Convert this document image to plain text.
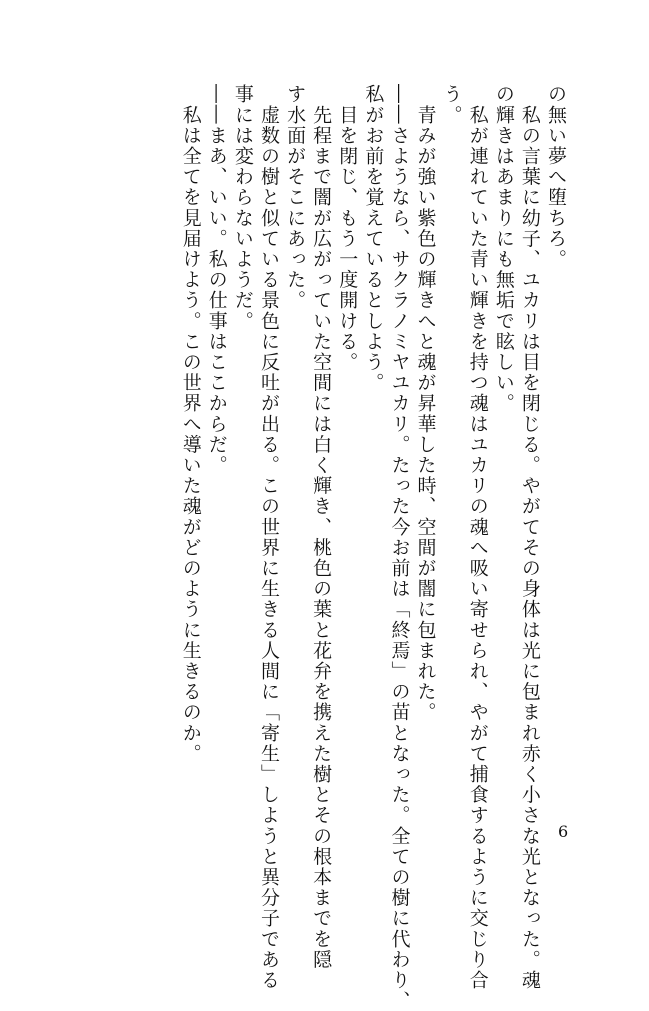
の無い夢へ堕ちろ。
　私の言葉に幼子、ユカリは目を閉じる。やがてその身体は光に包まれ赤く小さな光となった。魂
の輝きはあまりにも無垢で眩しい。
　私が連れていた青い輝きを持つ魂はユカリの魂へ吸い寄せられ、やがて捕食するように交じり合
う。
　青みが強い紫色の輝きへと魂が昇華した時、空間が闇に包まれた。
――さようなら、サクラノミヤユカリ。たった今お前は「終焉」の苗となった。全ての樹に代わり、
私がお前を覚えているとしよう。
　目を閉じ、もう一度開ける。
　先程まで闇が広がっていた空間には白く輝き、桃色の葉と花弁を携えた樹とその根本までを隠
す水面がそこにあった。
　虚数の樹と似ている景色に反吐が出る。この世界に生きる人間に「寄生」しようと異分子である
事には変わらないようだ。
――まあ、いい。私の仕事はここからだ。
　私は全てを見届けよう。この世界へ導いた魂がどのように生きるのか。
6
